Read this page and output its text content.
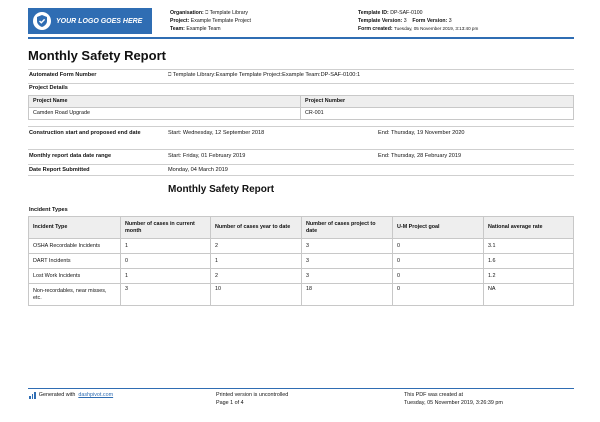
YOUR LOGO GOES HERE
Organisation: ⎕ Template Library
Project: Example Template Project
Team: Example Team
Template ID: DP-SAF-0100
Template Version: 3 Form Version: 3
Form created: Tuesday, 05 November 2019, 3:13:40 pm
Monthly Safety Report
Automated Form Number	⎕ Template Library:Example Template Project:Example Team:DP-SAF-0100:1
Project Details
Project Name	Project Number
Camden Road Upgrade	CR-001
Construction start and proposed end date	Start: Wednesday, 12 September 2018	End: Thursday, 19 November 2020
Monthly report data date range	Start: Friday, 01 February 2019	End: Thursday, 28 February 2019
Date Report Submitted	Monday, 04 March 2019
Monthly Safety Report
Incident Types
Incident Type	Number of cases in current month	Number of cases year to date	Number of cases project to date	U-M Project goal	National average rate
OSHA Recordable Incidents	1	2	3	0	3.1
DART Incidents	0	1	3	0	1.6
Lost Work Incidents	1	2	3	0	1.2
Non-recordables, near misses, etc.	3	10	18	0	NA
Generated with dashpivot.com	Printed version is uncontrolled
Page 1 of 4
This PDF was created at
Tuesday, 05 November 2019, 3:26:39 pm
